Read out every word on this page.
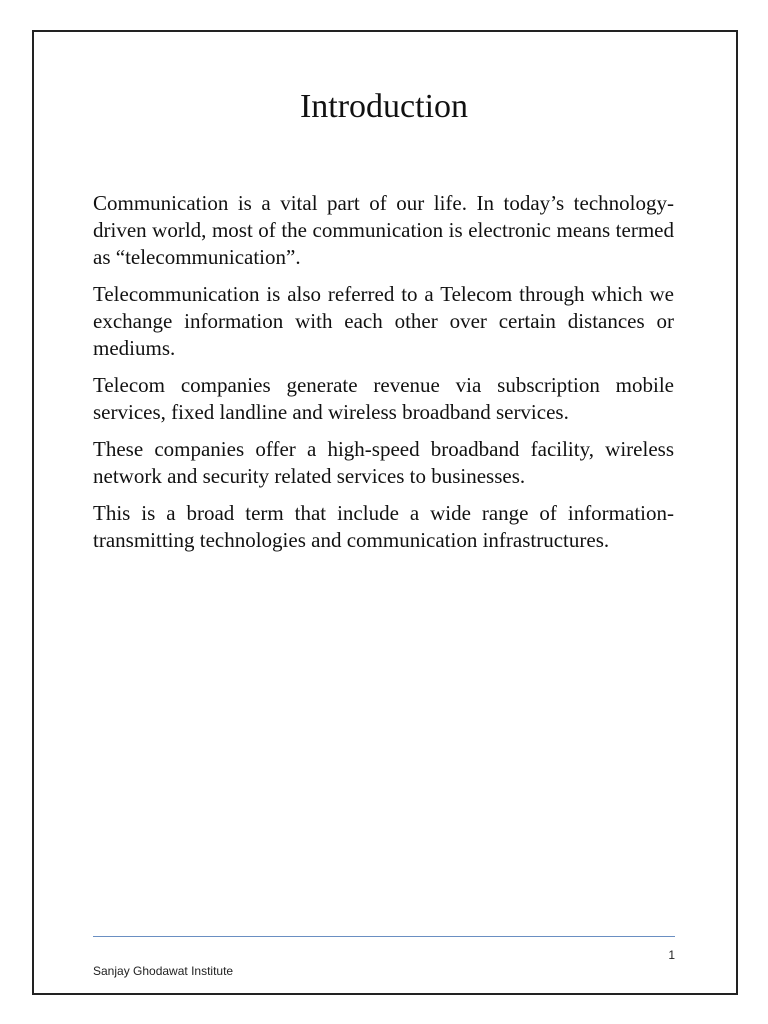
Introduction

Communication is a vital part of our life. In today’s technology-driven world, most of the communication is electronic means termed as “telecommunication”.

Telecommunication is also referred to a Telecom through which we exchange information with each other over certain distances or mediums.

Telecom companies generate revenue via subscription mobile services, fixed landline and wireless broadband services.

These companies offer a high-speed broadband facility, wireless network and security related services to businesses.

This is a broad term that include a wide range of information-transmitting technologies and communication infrastructures.

1
Sanjay Ghodawat Institute
